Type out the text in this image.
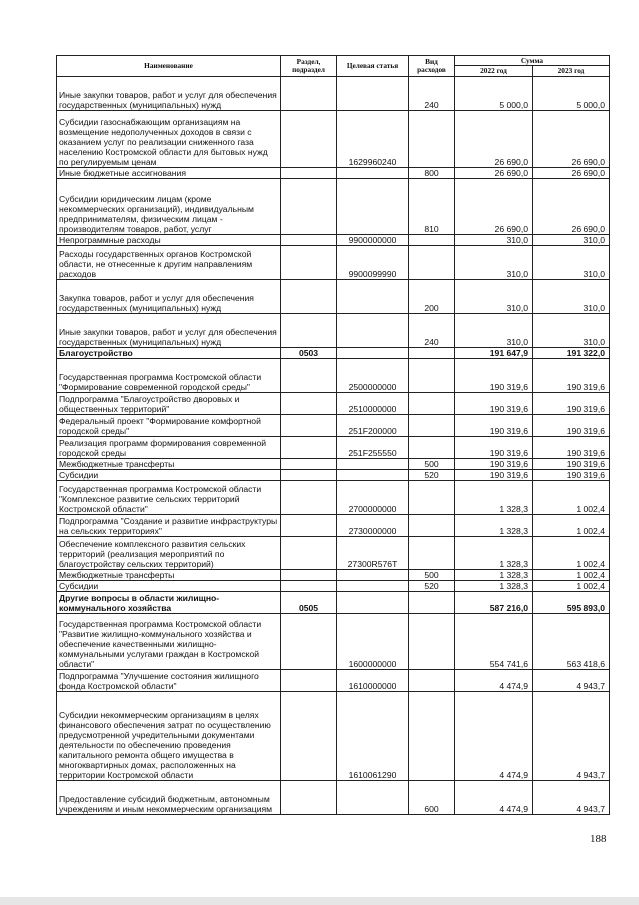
Наименование	Раздел, подраздел	Целевая статья	Вид расходов	Сумма	
				2022 год	2023 год
Иные закупки товаров, работ и услуг для обеспечения государственных (муниципальных) нужд			240	5 000,0	5 000,0
Субсидии газоснабжающим организациям на возмещение недополученных доходов в связи с оказанием услуг по реализации сниженного газа населению Костромской области для бытовых нужд по регулируемым ценам		1629960240		26 690,0	26 690,0
Иные бюджетные ассигнования			800	26 690,0	26 690,0
Субсидии юридическим лицам (кроме некоммерческих организаций), индивидуальным предпринимателям, физическим лицам - производителям товаров, работ, услуг			810	26 690,0	26 690,0
Непрограммные расходы		9900000000		310,0	310,0
Расходы государственных органов Костромской области, не отнесенные к другим направлениям расходов		9900099990		310,0	310,0
Закупка товаров, работ и услуг для обеспечения государственных (муниципальных) нужд			200	310,0	310,0
Иные закупки товаров, работ и услуг для обеспечения государственных (муниципальных) нужд			240	310,0	310,0
Благоустройство	0503			191 647,9	191 322,0
Государственная программа Костромской области "Формирование современной городской среды"		2500000000		190 319,6	190 319,6
Подпрограмма "Благоустройство дворовых и общественных территорий"		2510000000		190 319,6	190 319,6
Федеральный проект "Формирование комфортной городской среды"		251F200000		190 319,6	190 319,6
Реализация программ формирования современной городской среды		251F255550		190 319,6	190 319,6
Межбюджетные трансферты			500	190 319,6	190 319,6
Субсидии			520	190 319,6	190 319,6
Государственная программа Костромской области "Комплексное развитие сельских территорий Костромской области"		2700000000		1 328,3	1 002,4
Подпрограмма "Создание и развитие инфраструктуры на сельских территориях"		2730000000		1 328,3	1 002,4
Обеспечение комплексного развития сельских территорий (реализация мероприятий по благоустройству сельских территорий)		27300R576T		1 328,3	1 002,4
Межбюджетные трансферты			500	1 328,3	1 002,4
Субсидии			520	1 328,3	1 002,4
Другие вопросы в области жилищно-коммунального хозяйства	0505			587 216,0	595 893,0
Государственная программа Костромской области "Развитие жилищно-коммунального хозяйства и обеспечение качественными жилищно-коммунальными услугами граждан в Костромской области"		1600000000		554 741,6	563 418,6
Подпрограмма "Улучшение состояния жилищного фонда Костромской области"		1610000000		4 474,9	4 943,7
Субсидии некоммерческим организациям в целях финансового обеспечения затрат по осуществлению предусмотренной учредительными документами деятельности по обеспечению проведения капитального ремонта общего имущества в многоквартирных домах, расположенных на территории Костромской области		1610061290		4 474,9	4 943,7
Предоставление субсидий бюджетным, автономным учреждениям и иным некоммерческим организациям			600	4 474,9	4 943,7
188
